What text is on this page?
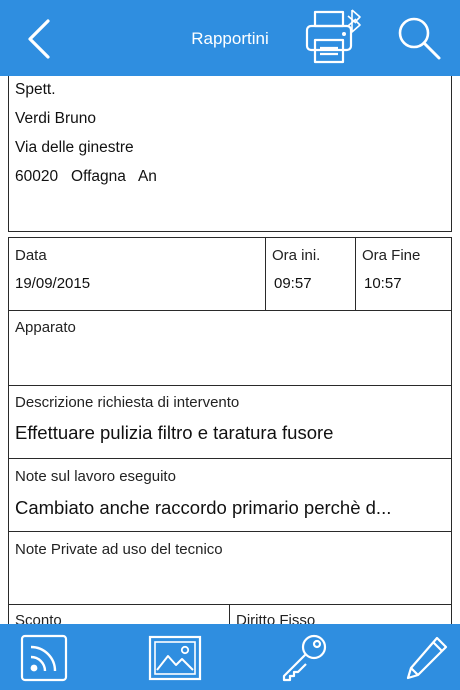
Rapportini
Spett.
Verdi Bruno
Via delle ginestre
60020   Offagna   An
Data
19/09/2015
Ora ini.
09:57
Ora Fine
10:57
Apparato
Descrizione richiesta di intervento
Effettuare pulizia filtro e taratura fusore
Note sul lavoro eseguito
Cambiato anche raccordo primario perchè d...
Note Private ad uso del tecnico
Sconto	Diritto Fisso
